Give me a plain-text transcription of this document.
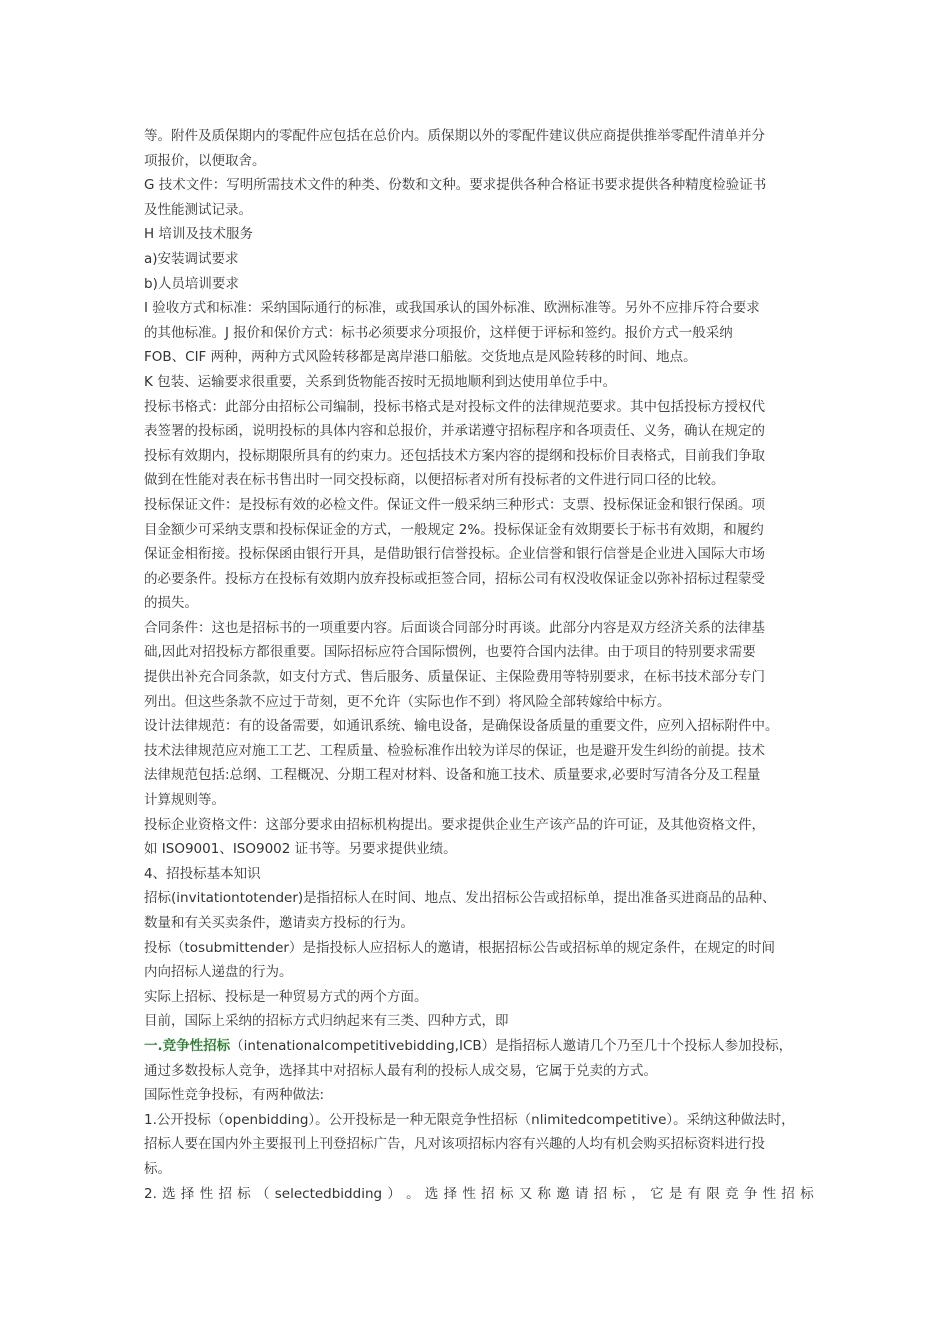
等。附件及质保期内的零配件应包括在总价内。质保期以外的零配件建议供应商提供推举零配件清单并分
项报价，以便取舍。
G 技术文件：写明所需技术文件的种类、份数和文种。要求提供各种合格证书要求提供各种精度检验证书
及性能测试记录。
H 培训及技术服务
a)安装调试要求
b)人员培训要求
I 验收方式和标准：采纳国际通行的标准，或我国承认的国外标准、欧洲标准等。另外不应排斥符合要求
的其他标准。J 报价和保价方式：标书必须要求分项报价，这样便于评标和签约。报价方式一般采纳
FOB、CIF 两种，两种方式风险转移都是离岸港口船舷。交货地点是风险转移的时间、地点。
K 包装、运输要求很重要，关系到货物能否按时无损地顺利到达使用单位手中。
投标书格式：此部分由招标公司编制，投标书格式是对投标文件的法律规范要求。其中包括投标方授权代
表签署的投标函，说明投标的具体内容和总报价，并承诺遵守招标程序和各项责任、义务，确认在规定的
投标有效期内，投标期限所具有的约束力。还包括技术方案内容的提纲和投标价目表格式，目前我们争取
做到在性能对表在标书售出时一同交投标商，以便招标者对所有投标者的文件进行同口径的比较。
投标保证文件：是投标有效的必检文件。保证文件一般采纳三种形式：支票、投标保证金和银行保函。项
目金额少可采纳支票和投标保证金的方式，一般规定 2%。投标保证金有效期要长于标书有效期，和履约
保证金相衔接。投标保函由银行开具，是借助银行信誉投标。企业信誉和银行信誉是企业进入国际大市场
的必要条件。投标方在投标有效期内放弃投标或拒签合同，招标公司有权没收保证金以弥补招标过程蒙受
的损失。
合同条件：这也是招标书的一项重要内容。后面谈合同部分时再谈。此部分内容是双方经济关系的法律基
础,因此对招投标方都很重要。国际招标应符合国际惯例，也要符合国内法律。由于项目的特别要求需要
提供出补充合同条款，如支付方式、售后服务、质量保证、主保险费用等特别要求，在标书技术部分专门
列出。但这些条款不应过于苛刻，更不允许（实际也作不到）将风险全部转嫁给中标方。
设计法律规范：有的设备需要，如通讯系统、输电设备，是确保设备质量的重要文件，应列入招标附件中。
技术法律规范应对施工工艺、工程质量、检验标准作出较为详尽的保证，也是避开发生纠纷的前提。技术
法律规范包括:总纲、工程概况、分期工程对材料、设备和施工技术、质量要求,必要时写清各分及工程量
计算规则等。
投标企业资格文件：这部分要求由招标机构提出。要求提供企业生产该产品的许可证，及其他资格文件，
如 ISO9001、ISO9002 证书等。另要求提供业绩。
4、招投标基本知识
招标(invitationtotender)是指招标人在时间、地点、发出招标公告或招标单，提出准备买进商品的品种、
数量和有关买卖条件，邀请卖方投标的行为。
投标（tosubmittender）是指投标人应招标人的邀请，根据招标公告或招标单的规定条件，在规定的时间
内向招标人递盘的行为。
实际上招标、投标是一种贸易方式的两个方面。
目前，国际上采纳的招标方式归纳起来有三类、四种方式，即
一.竞争性招标（intenationalcompetitivebidding,ICB）是指招标人邀请几个乃至几十个投标人参加投标，
通过多数投标人竞争，选择其中对招标人最有利的投标人成交易，它属于兑卖的方式。
国际性竞争投标，有两种做法:
1.公开投标（openbidding）。公开投标是一种无限竞争性招标（nlimitedcompetitive）。采纳这种做法时，
招标人要在国内外主要报刊上刊登招标广告，凡对该项招标内容有兴趣的人均有机会购买招标资料进行投
标。
2. 选 择 性 招 标 （ selectedbidding ） 。 选 择 性 招 标 又 称 邀 请 招 标 ， 它 是 有 限 竞 争 性 招 标
